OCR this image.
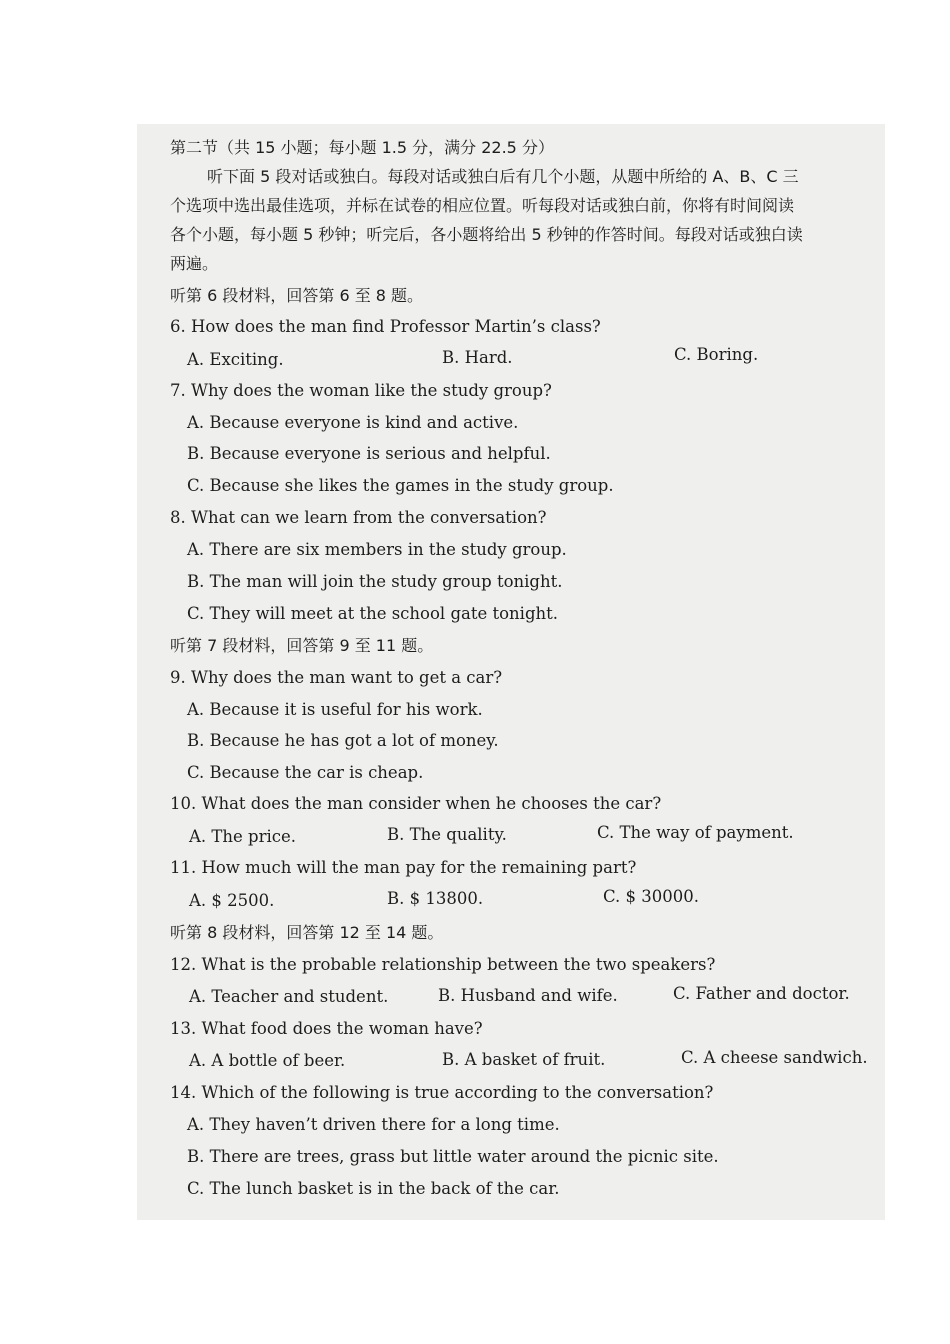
第二节（共 15 小题；每小题 1.5 分，满分 22.5 分）
听下面 5 段对话或独白。每段对话或独白后有几个小题，从题中所给的 A、B、C 三
个选项中选出最佳选项，并标在试卷的相应位置。听每段对话或独白前，你将有时间阅读
各个小题，每小题 5 秒钟；听完后，各小题将给出 5 秒钟的作答时间。每段对话或独白读
两遍。
听第 6 段材料，回答第 6 至 8 题。
6. How does the man find Professor Martin’s class?
A. Exciting.	B. Hard.	C. Boring.
7. Why does the woman like the study group?
A. Because everyone is kind and active.
B. Because everyone is serious and helpful.
C. Because she likes the games in the study group.
8. What can we learn from the conversation?
A. There are six members in the study group.
B. The man will join the study group tonight.
C. They will meet at the school gate tonight.
听第 7 段材料，回答第 9 至 11 题。
9. Why does the man want to get a car?
A. Because it is useful for his work.
B. Because he has got a lot of money.
C. Because the car is cheap.
10. What does the man consider when he chooses the car?
A. The price.	B. The quality.	C. The way of payment.
11. How much will the man pay for the remaining part?
A. $ 2500.	B. $ 13800.	C. $ 30000.
听第 8 段材料，回答第 12 至 14 题。
12. What is the probable relationship between the two speakers?
A. Teacher and student.	B. Husband and wife.	C. Father and doctor.
13. What food does the woman have?
A. A bottle of beer.	B. A basket of fruit.	C. A cheese sandwich.
14. Which of the following is true according to the conversation?
A. They haven’t driven there for a long time.
B. There are trees, grass but little water around the picnic site.
C. The lunch basket is in the back of the car.
